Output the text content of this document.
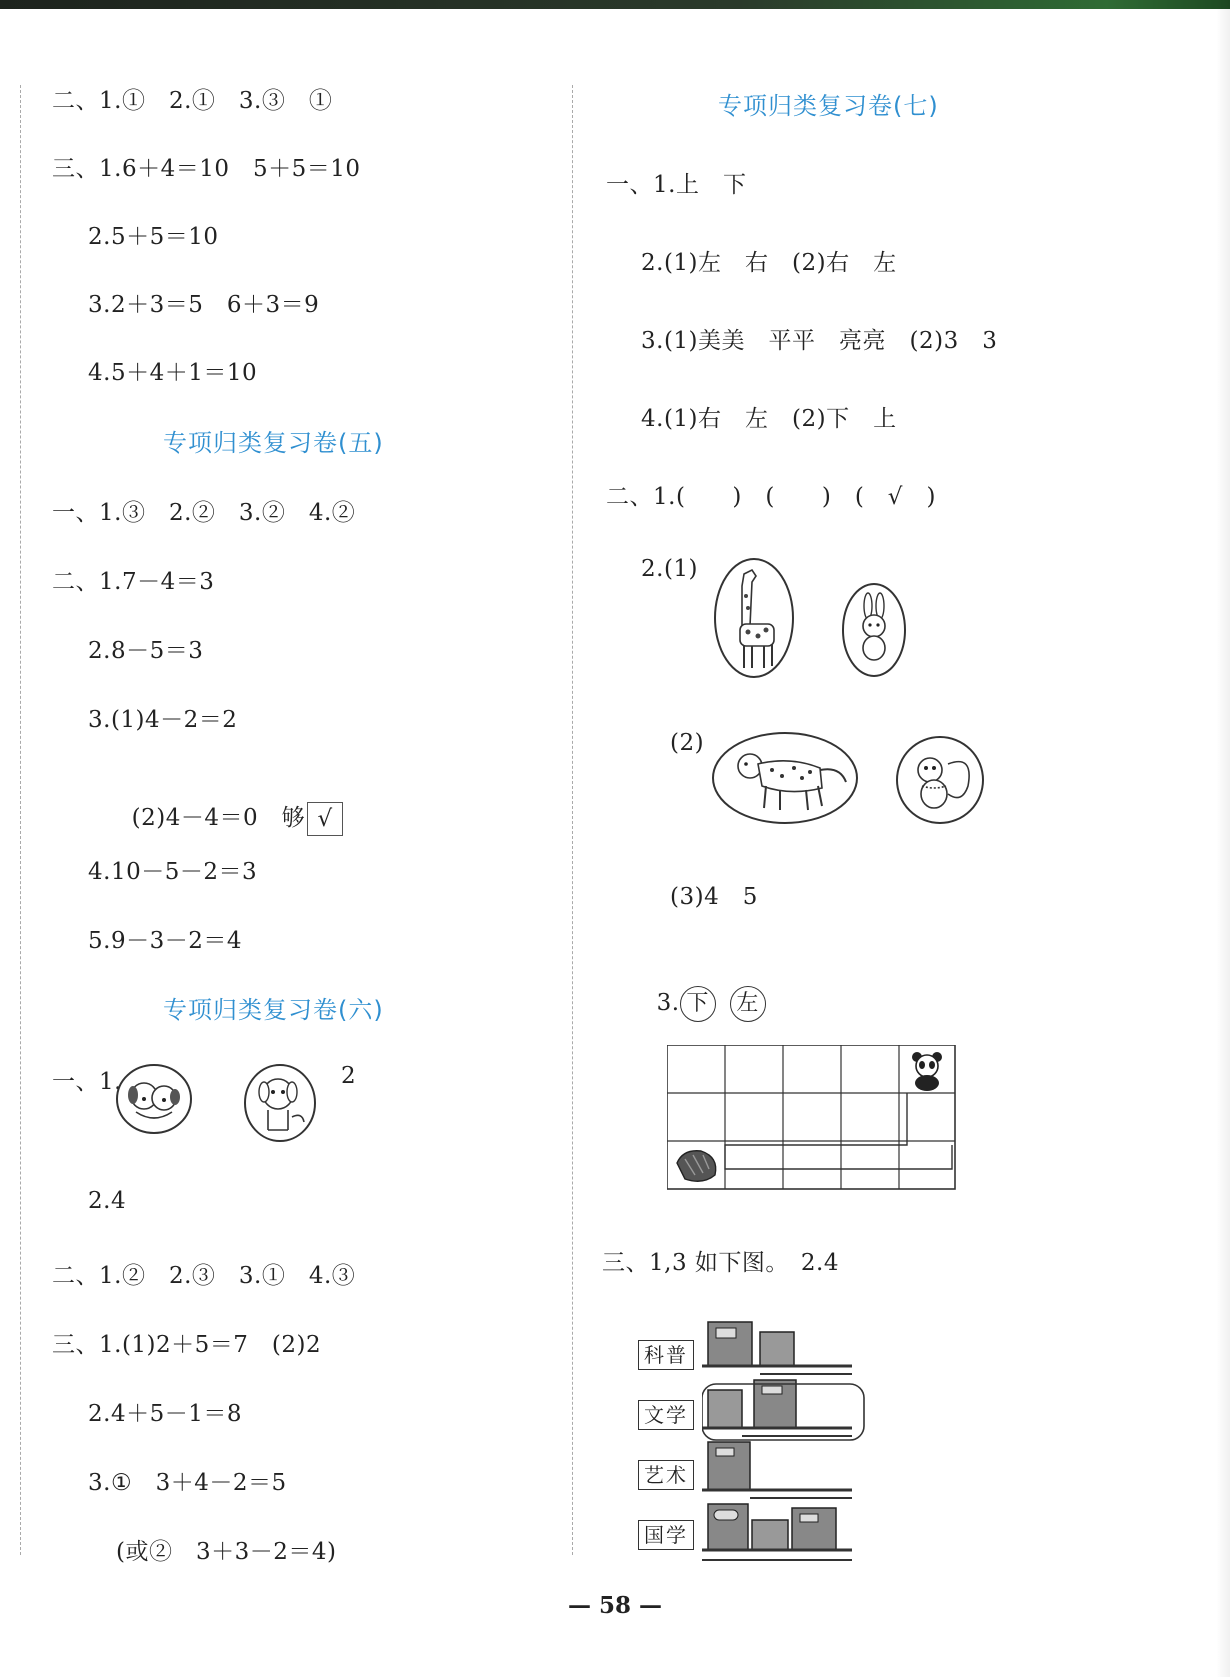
二、1.①　2.①　3.③　①
三、1.6＋4＝10　5＋5＝10
2.5＋5＝10
3.2＋3＝5　6＋3＝9
4.5＋4＋1＝10
专项归类复习卷(五)
一、1.③　2.②　3.②　4.②
二、1.7－4＝3
2.8－5＝3
3.(1)4－2＝2

(2)4－4＝0　够 √

4.10－5－2＝3
5.9－3－2＝4
专项归类复习卷(六)
一、1.	2
2.4
二、1.②　2.③　3.①　4.③
三、1.(1)2＋5＝7　(2)2
2.4＋5－1＝8
3.①　3＋4－2＝5
(或②　3＋3－2＝4)
专项归类复习卷(七)
一、1.上　下
2.(1)左　右　(2)右　左
3.(1)美美　平平　亮亮　(2)3　3
4.(1)右　左　(2)下　上
二、1.(　　)　(　　)　(　√　)
2.(1)
(2)
(3)4　5

3. 下 左

三、1,3 如下图。　2.4
科普
文学
艺术
国学
— 58 —
